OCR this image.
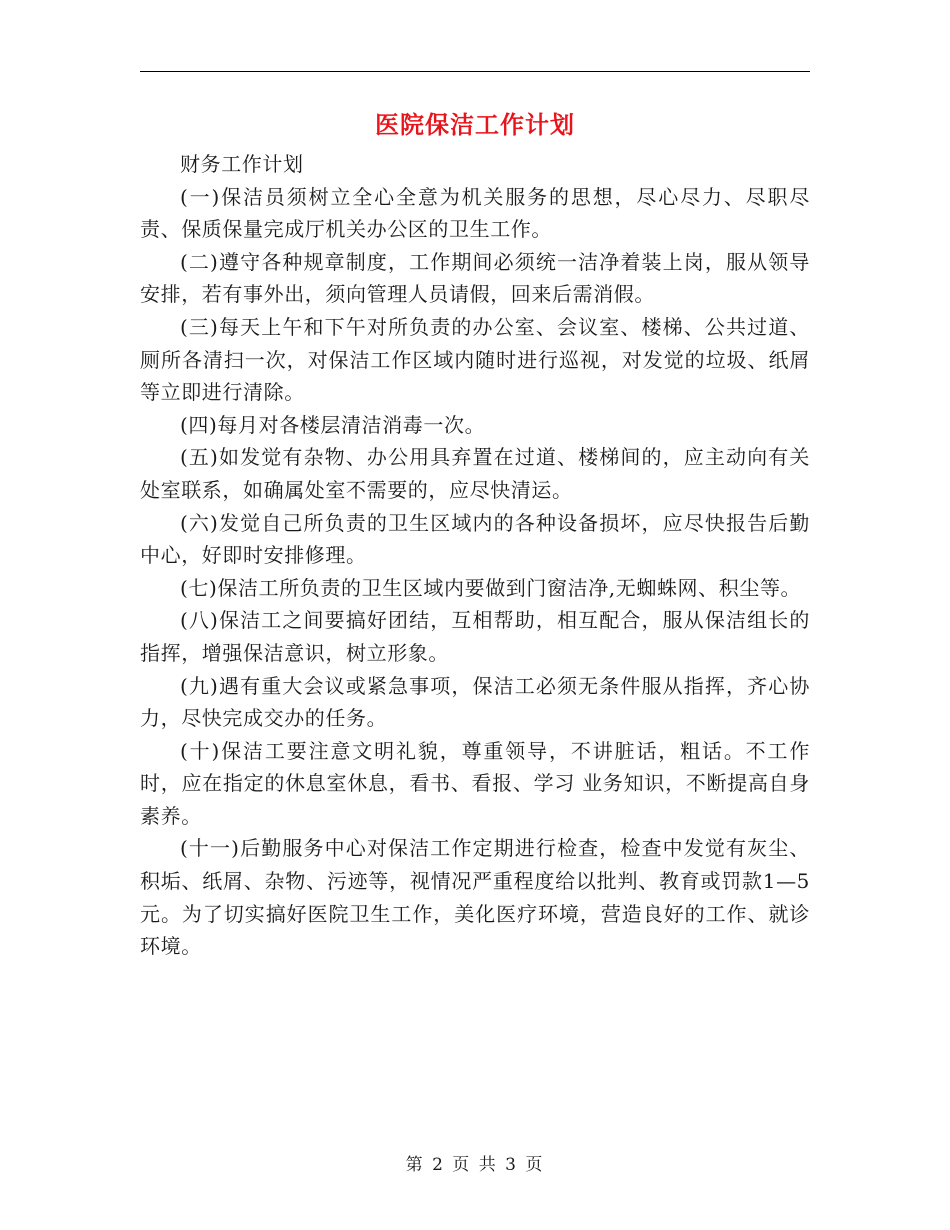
医院保洁工作计划

财务工作计划

(一)保洁员须树立全心全意为机关服务的思想，尽心尽力、尽职尽责、保质保量完成厅机关办公区的卫生工作。

(二)遵守各种规章制度，工作期间必须统一洁净着装上岗，服从领导安排，若有事外出，须向管理人员请假，回来后需消假。

(三)每天上午和下午对所负责的办公室、会议室、楼梯、公共过道、厕所各清扫一次，对保洁工作区域内随时进行巡视，对发觉的垃圾、纸屑等立即进行清除。

(四)每月对各楼层清洁消毒一次。

(五)如发觉有杂物、办公用具弃置在过道、楼梯间的，应主动向有关处室联系，如确属处室不需要的，应尽快清运。

(六)发觉自己所负责的卫生区域内的各种设备损坏，应尽快报告后勤中心，好即时安排修理。

(七)保洁工所负责的卫生区域内要做到门窗洁净,无蜘蛛网、积尘等。

(八)保洁工之间要搞好团结，互相帮助，相互配合，服从保洁组长的指挥，增强保洁意识，树立形象。

(九)遇有重大会议或紧急事项，保洁工必须无条件服从指挥，齐心协力，尽快完成交办的任务。

(十)保洁工要注意文明礼貌，尊重领导，不讲脏话，粗话。不工作时，应在指定的休息室休息，看书、看报、学习 业务知识，不断提高自身素养。

(十一)后勤服务中心对保洁工作定期进行检查，检查中发觉有灰尘、积垢、纸屑、杂物、污迹等，视情况严重程度给以批判、教育或罚款1—5元。为了切实搞好医院卫生工作，美化医疗环境，营造良好的工作、就诊环境。

第 2 页 共 3 页
